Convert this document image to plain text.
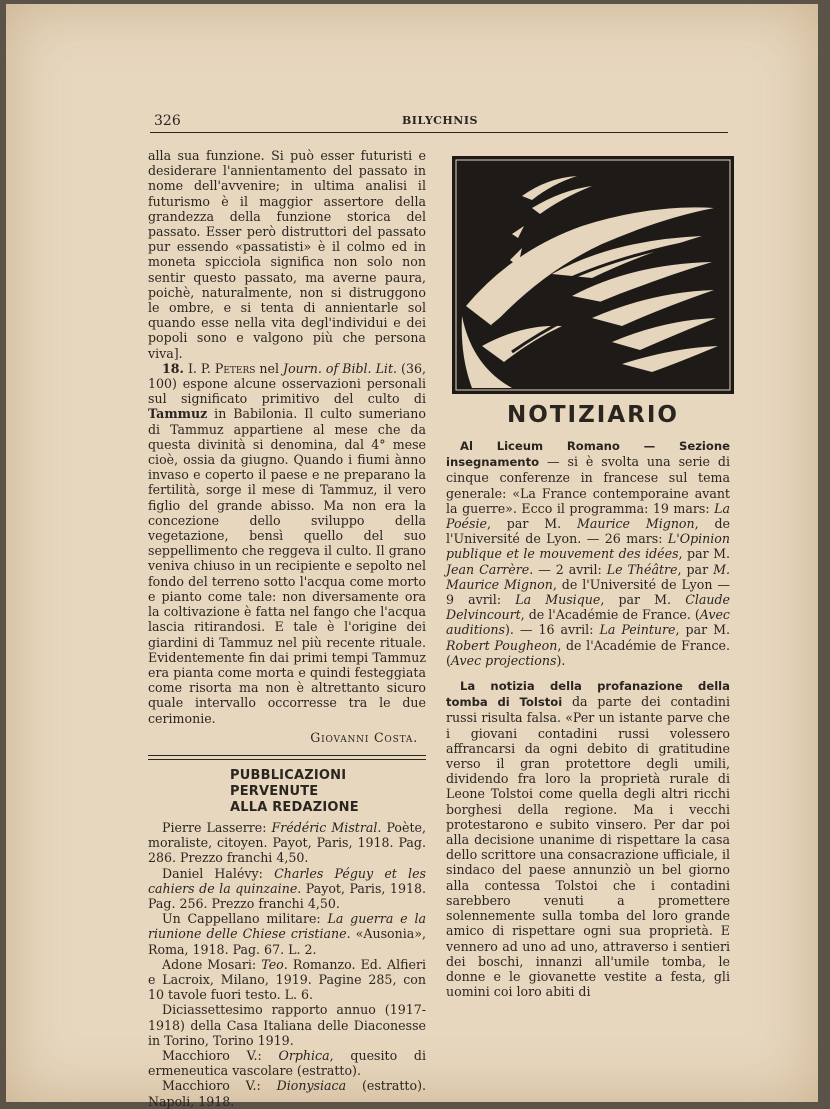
326	BILYCHNIS

alla sua funzione. Si può esser futuristi e desiderare l'annientamento del passato in nome dell'avvenire; in ultima analisi il futurismo è il maggior assertore della grandezza della funzione storica del passato. Esser però distruttori del passato pur essendo «passatisti» è il colmo ed in moneta spicciola significa non solo non sentir questo passato, ma averne paura, poichè, naturalmente, non si distruggono le ombre, e si tenta di annientarle sol quando esse nella vita degl'individui e dei popoli sono e valgono più che persona viva].

18. I. P. Peters nel Journ. of Bibl. Lit. (36, 100) espone alcune osservazioni personali sul significato primitivo del culto di Tammuz in Babilonia. Il culto sumeriano di Tammuz appartiene al mese che da questa divinità si denomina, dal 4° mese cioè, ossia da giugno. Quando i fiumi ànno invaso e coperto il paese e ne preparano la fertilità, sorge il mese di Tammuz, il vero figlio del grande abisso. Ma non era la concezione dello sviluppo della vegetazione, bensì quello del suo seppellimento che reggeva il culto. Il grano veniva chiuso in un recipiente e sepolto nel fondo del terreno sotto l'acqua come morto e pianto come tale: non diversamente ora la coltivazione è fatta nel fango che l'acqua lascia ritirandosi. E tale è l'origine dei giardini di Tammuz nel più recente rituale. Evidentemente fin dai primi tempi Tammuz era pianta come morta e quindi festeggiata come risorta ma non è altrettanto sicuro quale intervallo occorresse tra le due cerimonie.

Giovanni Costa.

PUBBLICAZIONI PERVENUTE
ALLA REDAZIONE

Pierre Lasserre: Frédéric Mistral. Poète, moraliste, citoyen. Payot, Paris, 1918. Pag. 286. Prezzo franchi 4,50.

Daniel Halévy: Charles Péguy et les cahiers de la quinzaine. Payot, Paris, 1918. Pag. 256. Prezzo franchi 4,50.

Un Cappellano militare: La guerra e la riunione delle Chiese cristiane. «Ausonia», Roma, 1918. Pag. 67. L. 2.

Adone Mosari: Teo. Romanzo. Ed. Alfieri e Lacroix, Milano, 1919. Pagine 285, con 10 tavole fuori testo. L. 6.

Diciassettesimo rapporto annuo (1917-1918) della Casa Italiana delle Diaconesse in Torino, Torino 1919.

Macchioro V.: Orphica, quesito di ermeneutica vascolare (estratto).

Macchioro V.: Dionysiaca (estratto). Napoli, 1918.

NOTIZIARIO

Al Liceum Romano — Sezione insegnamento — si è svolta una serie di cinque conferenze in francese sul tema generale: «La France contemporaine avant la guerre». Ecco il programma: 19 mars: La Poésie, par M. Maurice Mignon, de l'Université de Lyon. — 26 mars: L'Opinion publique et le mouvement des idées, par M. Jean Carrère. — 2 avril: Le Théâtre, par M. Maurice Mignon, de l'Université de Lyon — 9 avril: La Musique, par M. Claude Delvincourt, de l'Académie de France. (Avec auditions). — 16 avril: La Peinture, par M. Robert Pougheon, de l'Académie de France. (Avec projections).

La notizia della profanazione della tomba di Tolstoi da parte dei contadini russi risulta falsa. «Per un istante parve che i giovani contadini russi volessero affrancarsi da ogni debito di gratitudine verso il gran protettore degli umili, dividendo fra loro la proprietà rurale di Leone Tolstoi come quella degli altri ricchi borghesi della regione. Ma i vecchi protestarono e subito vinsero. Per dar poi alla decisione unanime di rispettare la casa dello scrittore una consacrazione ufficiale, il sindaco del paese annunziò un bel giorno alla contessa Tolstoi che i contadini sarebbero venuti a promettere solennemente sulla tomba del loro grande amico di rispettare ogni sua proprietà. E vennero ad uno ad uno, attraverso i sentieri dei boschi, innanzi all'umile tomba, le donne e le giovanette vestite a festa, gli uomini coi loro abiti di
